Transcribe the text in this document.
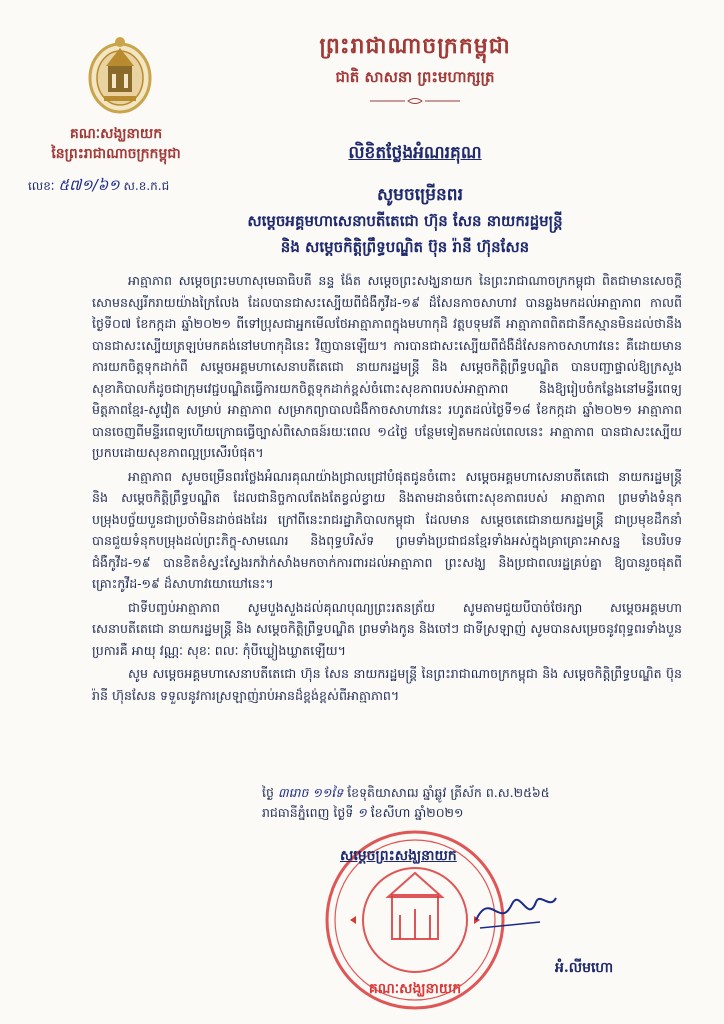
គណៈសង្ឃនាយក
នៃព្រះរាជាណាចក្រកម្ពុជា
លេខៈ ៥៧១/៦១ ស.ខ.ក.ជ
ព្រះរាជាណាចក្រកម្ពុជា
ជាតិ សាសនា ព្រះមហាក្សត្រ
លិខិតថ្លែងអំណរគុណ
សូមចម្រើនពរ
សម្តេចអគ្គមហាសេនាបតីតេជោ ហ៊ុន សែន នាយករដ្ឋមន្ត្រី
និង សម្តេចកិត្តិព្រឹទ្ធបណ្ឌិត ប៊ុន រ៉ានី ហ៊ុនសែន

អាត្មាភាព សម្តេចព្រះមហាសុមេធាធិបតី នន្ទ ង៉ែត សម្តេចព្រះសង្ឃនាយក នៃព្រះរាជាណាចក្រកម្ពុជា ពិតជាមានសេចក្តីសោមនស្សរីករាយយ៉ាងក្រៃលែង ដែលបានជាសះស្បើយពីជំងឺកូវីដ-១៩ ដ៏សែនកាចសាហាវ បានឆ្លងមកដល់អាត្មាភាព កាលពីថ្ងៃទី០៧ ខែកក្កដា ឆ្នាំ២០២១ ពីទៅប្រុសជាអ្នកមើលថែអាត្មាភាពក្នុងមហាកុដិ វត្តបទុមវតី អាត្មាភាពពិតជានឹកស្មានមិនដល់ថានឹងបានជាសះស្បើយត្រឡប់មកគង់នៅមហាកុដិនេះ វិញបានឡើយ។ ការបានជាសះស្បើយពីជំងឺដ៏សែនកាចសាហាវនេះ គឺដោយមានការយកចិត្តទុកដាក់ពី សម្តេចអគ្គមហាសេនាបតីតេជោ នាយករដ្ឋមន្ត្រី និង សម្តេចកិត្តិព្រឹទ្ធបណ្ឌិត បានបញ្ជាផ្ទាល់ឱ្យក្រសួងសុខាភិបាលក៏ដូចជាក្រុមវេជ្ជបណ្ឌិតធ្វើការយកចិត្តទុកដាក់ខ្ពស់ចំពោះសុខភាពរបស់អាត្មាភាព និងឱ្យរៀបចំកន្លែងនៅមន្ទីរពេទ្យមិត្តភាពខ្មែរ-សូវៀត សម្រាប់ អាត្មាភាព សម្រាកព្យាបាលជំងឺកាចសាហាវនេះ រហូតដល់ថ្ងៃទី១៨ ខែកក្កដា ឆ្នាំ២០២១ អាត្មាភាពបានចេញពីមន្ទីរពេទ្យហើយក្រោធធ្វើច្បាស់ពិសោធន៍រយៈពេល ១៤ថ្ងៃ បន្ថែមទៀតមកដល់ពេលនេះ អាត្មាភាព បានជាសះស្បើយប្រកបដោយសុខភាពល្អប្រសើរបំផុត។

អាត្មាភាព សូមចម្រើនពរថ្លែងអំណរគុណយ៉ាងជ្រាលជ្រៅបំផុតជូនចំពោះ សម្តេចអគ្គមហាសេនាបតីតេជោ នាយករដ្ឋមន្ត្រី និង សម្តេចកិត្តិព្រឹទ្ធបណ្ឌិត ដែលជានិច្ចកាលតែងតែខ្វល់ខ្វាយ និងតាមដានចំពោះសុខភាពរបស់ អាត្មាភាព ព្រមទាំងទំនុកបម្រុងបច្ច័យបួនជាប្រចាំមិនដាច់ផងដែរ ក្រៅពីនេះរាជរដ្ឋាភិបាលកម្ពុជា ដែលមាន សម្តេចតេជោនាយករដ្ឋមន្ត្រី ជាប្រមុខដឹកនាំ បានជួយទំនុកបម្រុងដល់ព្រះភិក្ខុ-សាមណេរ និងពុទ្ធបរិស័ទ ព្រមទាំងប្រជាជនខ្មែរទាំងអស់ក្នុងគ្រាគ្រោះអាសន្ន នៃបរិបទជំងឺកូវីដ-១៩ បានខិតខំស្វះស្វែងរកវ៉ាក់សាំងមកចាក់ការពារដល់អាត្មាភាព ព្រះសង្ឃ និងប្រជាពលរដ្ឋគ្រប់គ្នា ឱ្យបានរួចផុតពីគ្រោះកូវីដ-១៩ ដ៏សាហាវយោឃៅនេះ។

ជាទីបញ្ចប់អាត្មាភាព សូមបួងសួងដល់គុណបុណ្យព្រះរតនត្រ័យ សូមតាមជួយបីបាច់ថែរក្សា សម្តេចអគ្គមហាសេនាបតីតេជោ នាយករដ្ឋមន្ត្រី និង សម្តេចកិត្តិព្រឹទ្ធបណ្ឌិត ព្រមទាំងកូន និងចៅៗ ជាទីស្រឡាញ់ សូមបានសម្រេចនូវពុទ្ធពរទាំងបួនប្រការគឺ អាយុ វណ្ណៈ សុខៈ ពលៈ កុំបីឃ្លៀងឃ្លាតឡើយ។

សូម សម្តេចអគ្គមហាសេនាបតីតេជោ ហ៊ុន សែន នាយករដ្ឋមន្ត្រី នៃព្រះរាជាណាចក្រកម្ពុជា និង សម្តេចកិត្តិព្រឹទ្ធបណ្ឌិត ប៊ុន រ៉ានី ហ៊ុនសែន ទទួលនូវការស្រឡាញ់រាប់អានដ៏ខ្ពង់ខ្ពស់ពីអាត្មាភាព។

ថ្ងៃ ៣រោច ១១ទៃ ខែទុតិយាសាឍ ឆ្នាំឆ្លូវ ត្រីស័ក ព.ស.២៥៦៥
រាជធានីភ្នំពេញ ថ្ងៃទី ១ ខែសីហា ឆ្នាំ២០២១
គណៈសង្ឃនាយក
សម្តេចព្រះសង្ឃនាយក
អំ.លីមហោ
